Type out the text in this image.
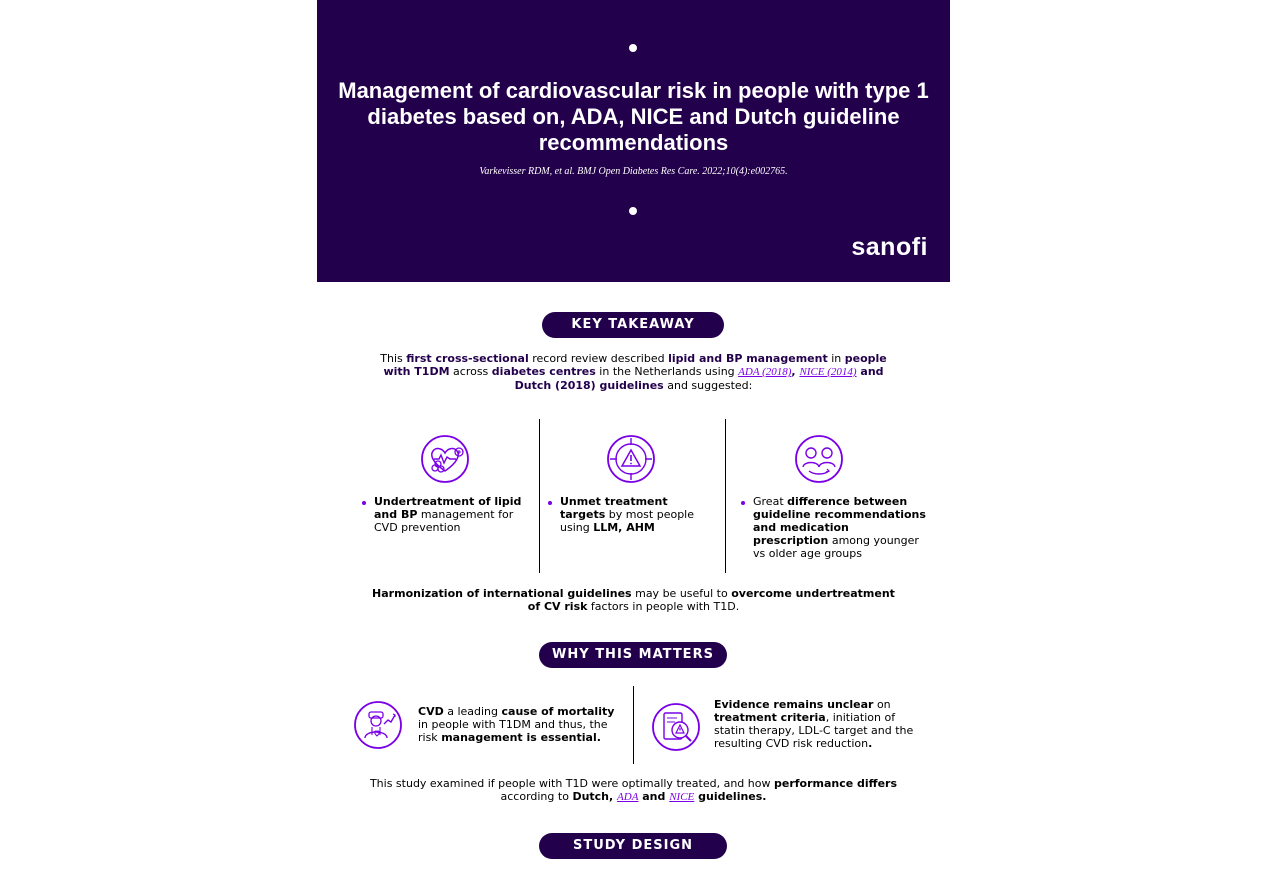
Management of cardiovascular risk in people with type 1 diabetes based on, ADA, NICE and Dutch guideline recommendations
Varkevisser RDM, et al. BMJ Open Diabetes Res Care. 2022;10(4):e002765.
sanofi
KEY TAKEAWAY
This first cross-sectional record review described lipid and BP management in people with T1DM across diabetes centres in the Netherlands using ADA (2018), NICE (2014) and Dutch (2018) guidelines and suggested:
Undertreatment of lipid and BP management for CVD prevention
Unmet treatment targets by most people using LLM, AHM
Great difference between guideline recommendations and medication prescription among younger vs older age groups
Harmonization of international guidelines may be useful to overcome undertreatment of CV risk factors in people with T1D.
WHY THIS MATTERS
CVD a leading cause of mortality in people with T1DM and thus, the risk management is essential.
Evidence remains unclear on treatment criteria, initiation of statin therapy, LDL-C target and the resulting CVD risk reduction.
This study examined if people with T1D were optimally treated, and how performance differs according to Dutch, ADA and NICE guidelines.
STUDY DESIGN
